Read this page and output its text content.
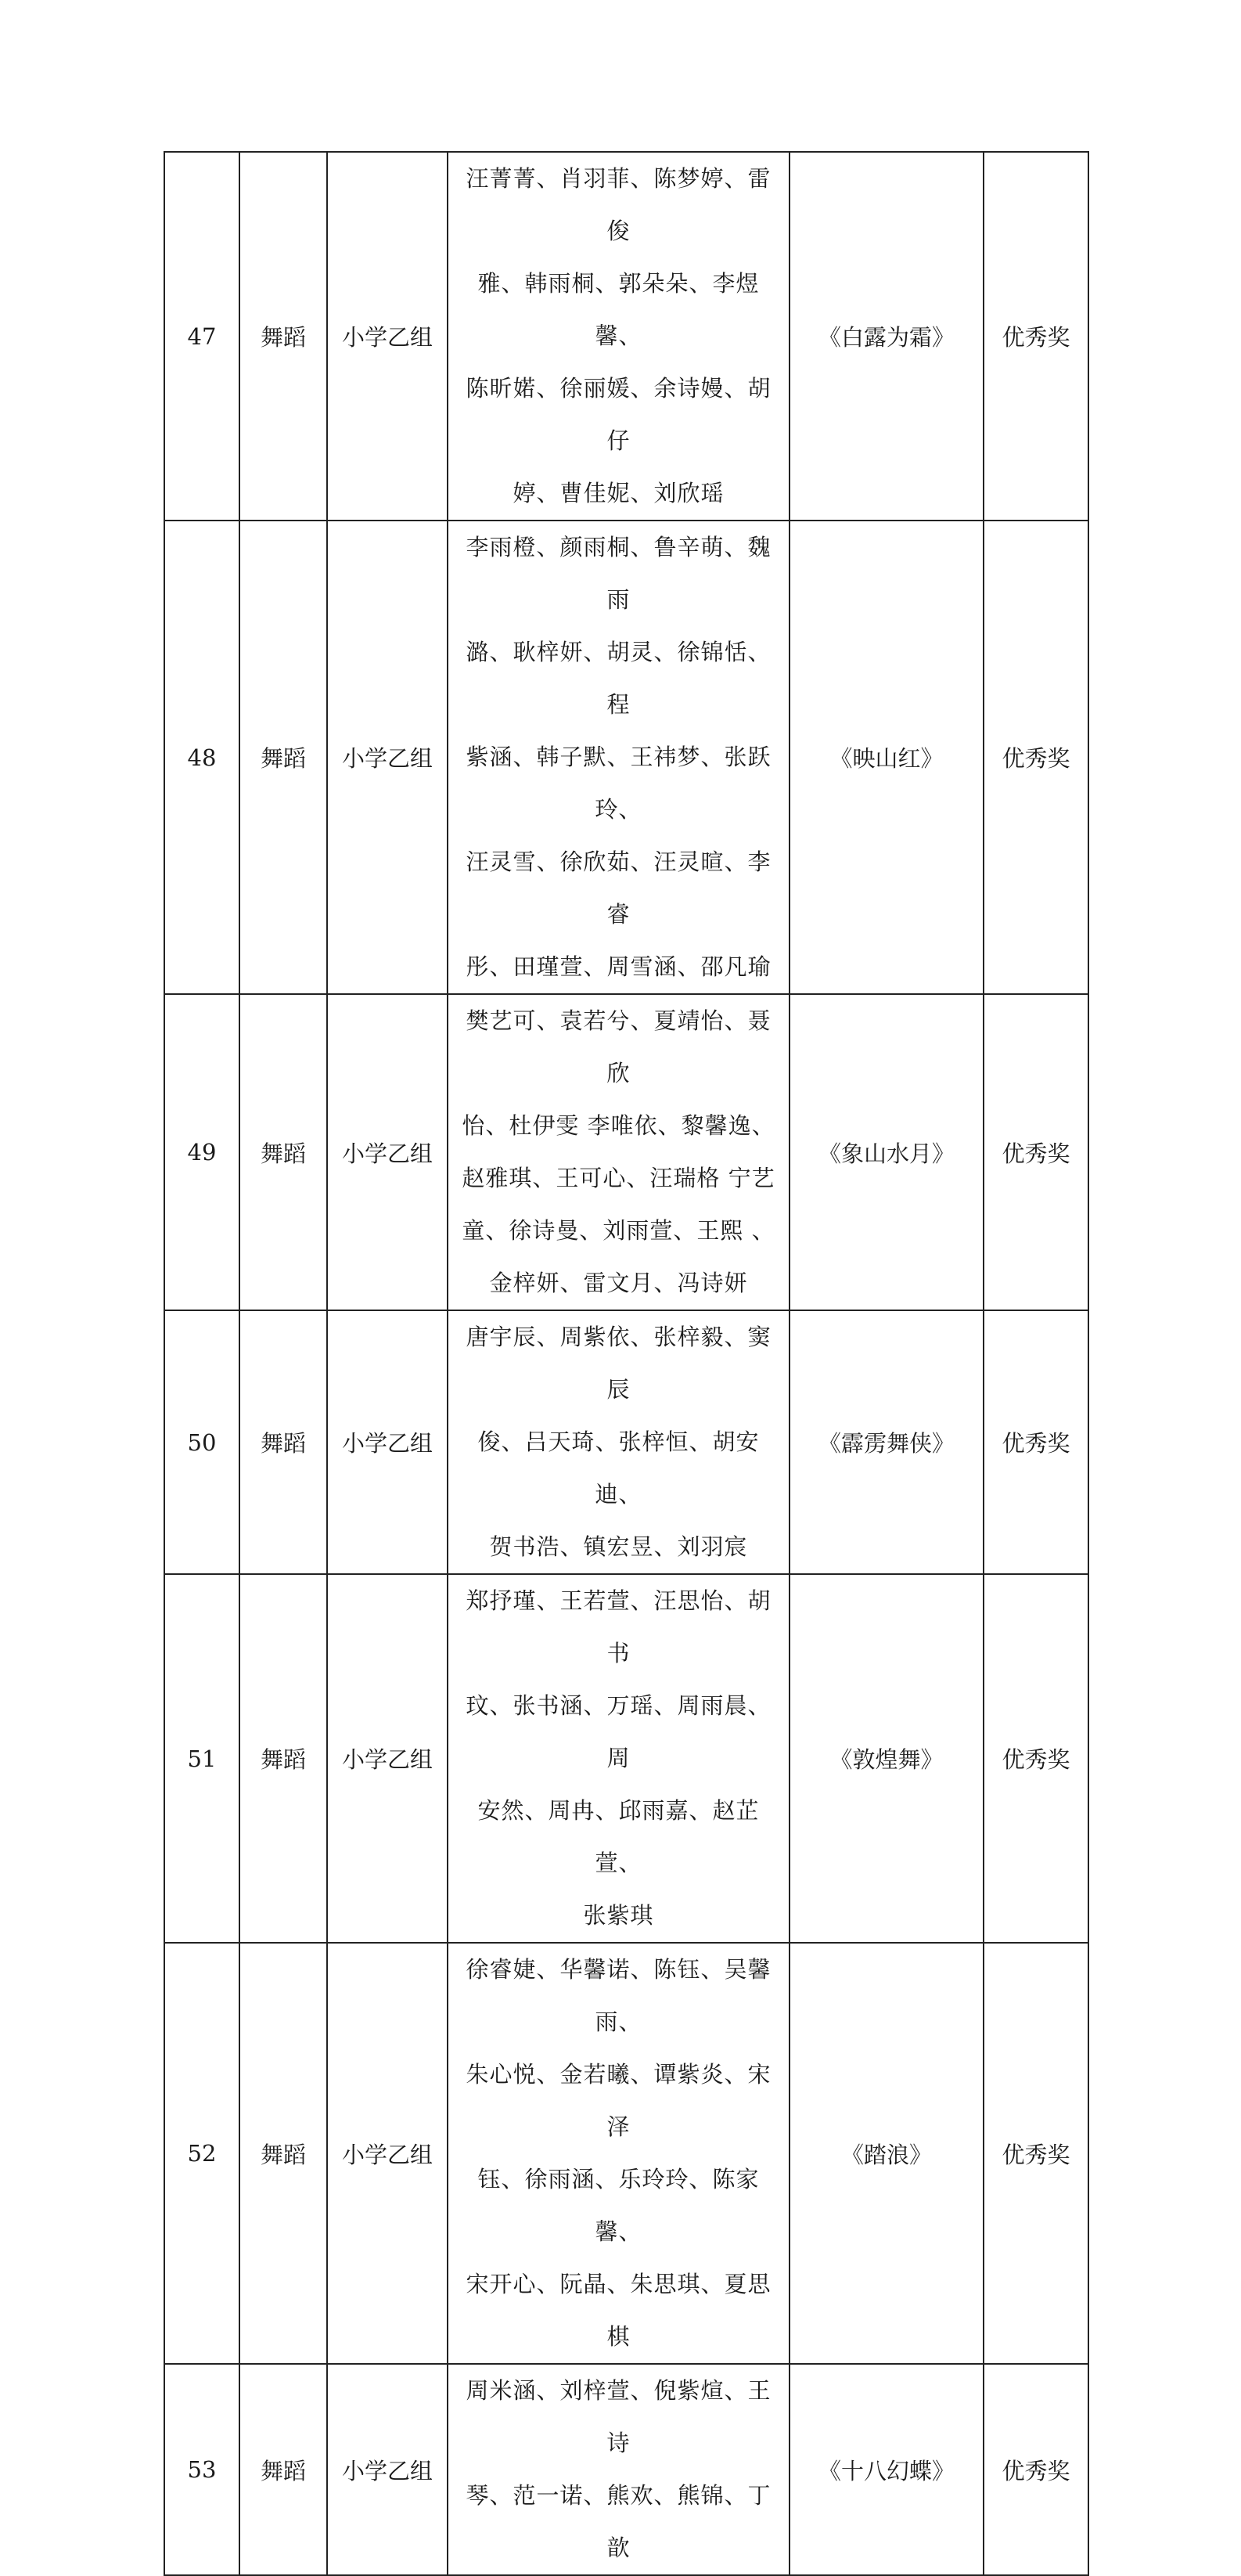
47	舞蹈	小学乙组	汪菁菁、肖羽菲、陈梦婷、雷俊
雅、韩雨桐、郭朵朵、李煜馨、
陈昕婼、徐丽媛、余诗嫚、胡仔
婷、曹佳妮、刘欣瑶	《白露为霜》	优秀奖
48	舞蹈	小学乙组	李雨橙、颜雨桐、鲁辛萌、魏雨
潞、耿梓妍、胡灵、徐锦恬、程
紫涵、韩子默、王祎梦、张跃玲、
汪灵雪、徐欣茹、汪灵暄、李睿
彤、田瑾萱、周雪涵、邵凡瑜	《映山红》	优秀奖
49	舞蹈	小学乙组	樊艺可、袁若兮、夏靖怡、聂欣
怡、杜伊雯 李唯依、黎馨逸、
赵雅琪、王可心、汪瑞格 宁艺
童、徐诗曼、刘雨萱、王熙 、
金梓妍、雷文月、冯诗妍	《象山水月》	优秀奖
50	舞蹈	小学乙组	唐宇辰、周紫依、张梓毅、窦辰
俊、吕天琦、张梓恒、胡安迪、
贺书浩、镇宏昱、刘羽宸	《霹雳舞侠》	优秀奖
51	舞蹈	小学乙组	郑抒瑾、王若萱、汪思怡、胡书
玟、张书涵、万瑶、周雨晨、周
安然、周冉、邱雨嘉、赵芷萱、
张紫琪	《敦煌舞》	优秀奖
52	舞蹈	小学乙组	徐睿婕、华馨诺、陈钰、吴馨雨、
朱心悦、金若曦、谭紫炎、宋泽
钰、徐雨涵、乐玲玲、陈家馨、
宋开心、阮晶、朱思琪、夏思棋	《踏浪》	优秀奖
53	舞蹈	小学乙组	周米涵、刘梓萱、倪紫煊、王诗
琴、范一诺、熊欢、熊锦、丁歆	《十八幻蝶》	优秀奖
